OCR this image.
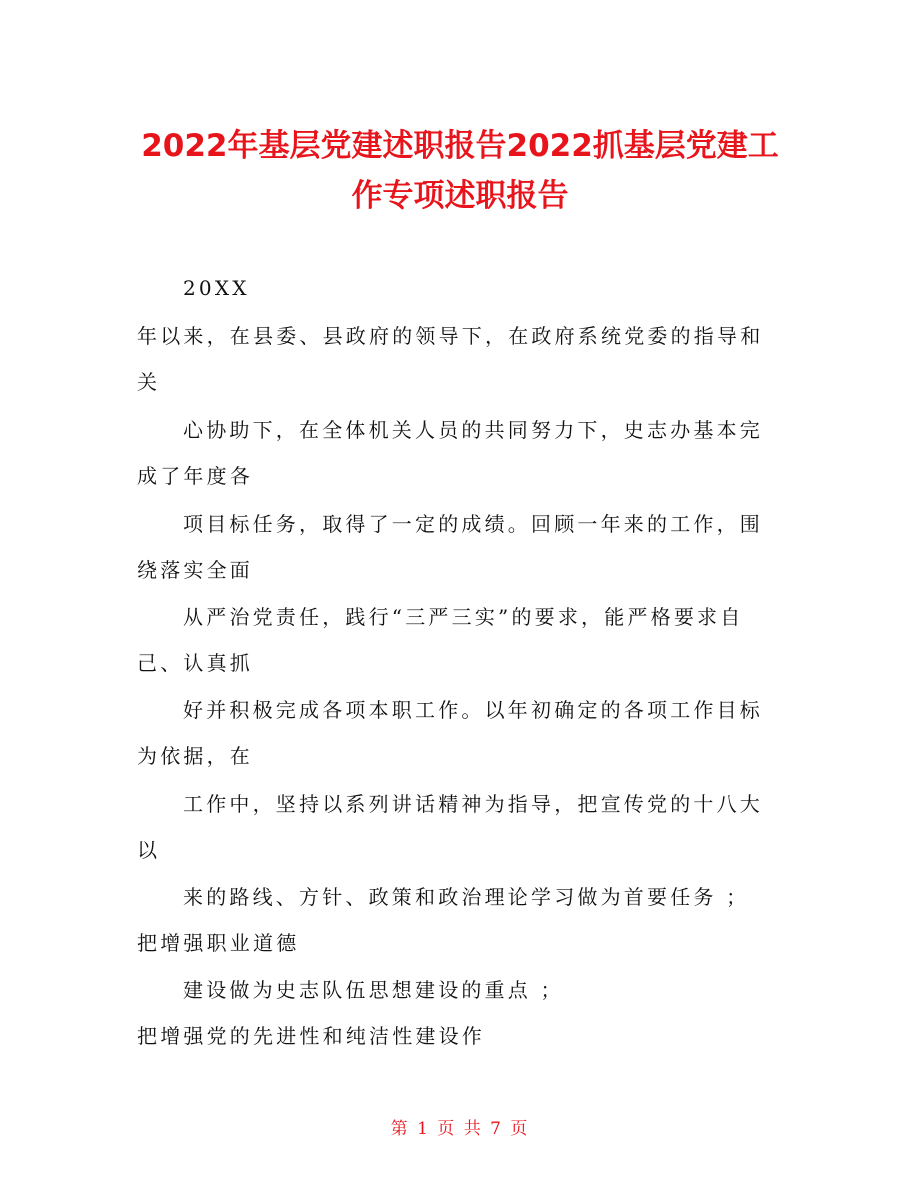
2022年基层党建述职报告2022抓基层党建工
作专项述职报告
20XX
年以来，在县委、县政府的领导下，在政府系统党委的指导和
关
心协助下，在全体机关人员的共同努力下，史志办基本完
成了年度各
项目标任务，取得了一定的成绩。回顾一年来的工作，围
绕落实全面
从严治党责任，践行“三严三实”的要求，能严格要求自
己、认真抓
好并积极完成各项本职工作。以年初确定的各项工作目标
为依据，在
工作中，坚持以系列讲话精神为指导，把宣传党的十八大
以
来的路线、方针、政策和政治理论学习做为首要任务 ；
把增强职业道德
建设做为史志队伍思想建设的重点 ；
把增强党的先进性和纯洁性建设作
第 1 页 共 7 页
